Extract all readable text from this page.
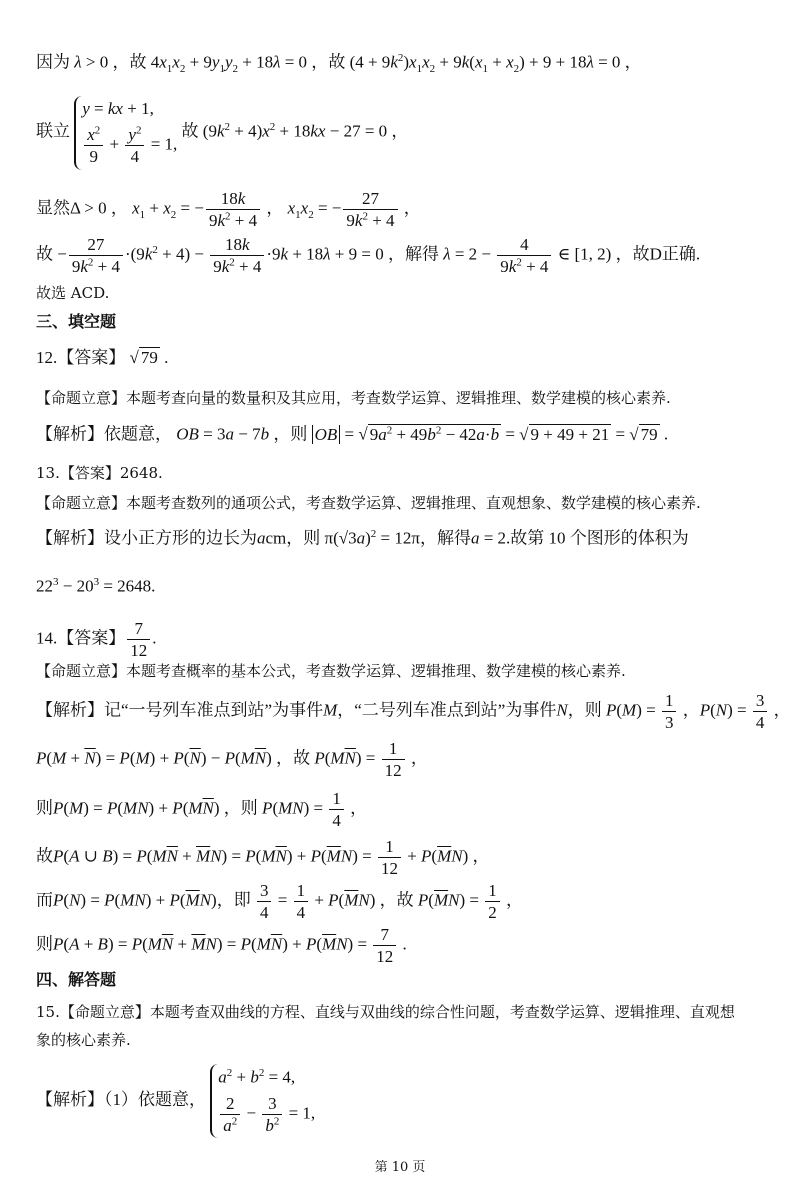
因为 λ > 0 ，故 $4x_1x_2 + 9y_1y_2 + 18\lambda = 0$ ，故 $(4 + 9k^2)x_1x_2 + 9k(x_1 + x_2) + 9 + 18\lambda = 0$ ，
联立
y = kx + 1,
$\frac{x^2}{9} + \frac{y^2}{4} = 1$,
故 $(9k^2 + 4)x^2 + 18kx - 27 = 0$ ，
显然Δ > 0 ， $x_1 + x_2$ = − $\frac{18k}{9k^2 + 4}$ ， $x_1x_2$ = − $\frac{27}{9k^2 + 4}$ ，
故 − $\frac{27}{9k^2 + 4} \cdot(9k^2 + 4) - \frac{18k}{9k^2 + 4} \cdot 9k + 18\lambda + 9 = 0$ ，解得 $\lambda = 2 - \frac{4}{9k^2 + 4}$ ∈ [1, 2) ，故D正确.
故选 ACD.
三、填空题
12.【答案】 √ 79 .
【命题立意】本题考查向量的数量积及其应用，考查数学运算、逻辑推理、数学建模的核心素养.
【解析】依题意， OB = 3a − 7b ，则 OB = √ $9a^2 + 49b^2 - 42a\cdot b$ = √ 9 + 49 + 21 = √ 79 .
13.【答案】2648.
【命题立意】本题考查数列的通项公式，考查数学运算、逻辑推理、直观想象、数学建模的核心素养.
【解析】设小正方形的边长为acm，则 $\pi(√3a)^2 = 12\pi$，解得a = 2.故第 10 个图形的体积为
$22^3 - 20^3 = 2648$.
14.【答案】 $\frac{7}{12}$ .
【命题立意】本题考查概率的基本公式，考查数学运算、逻辑推理、数学建模的核心素养.
【解析】记“一号列车准点到站”为事件M，“二号列车准点到站”为事件N，则 $P(M) = \frac{1}{3}$ ，$P(N) = \frac{3}{4}$ ，
$P(M + \overline{N}) = P(M) + P(\overline{N}) - P(M\overline{N})$ ，故 $P(M\overline{N}) = \frac{1}{12}$ ，
则$P(M) = P(MN) + P(M\overline{N})$ ，则 $P(MN) = \frac{1}{4}$ ，
故P(A ∪ $B) = P(M\overline{N} + \overline{M}N) = P(M\overline{N}) + P(\overline{M}N) = \frac{1}{12} + P(\overline{M}N)$ ，
而$P(N) = P(MN) + P(\overline{M}N)$，即 $\frac{3}{4} = \frac{1}{4} + P(\overline{M}N)$ ，故 $P(\overline{M}N) = \frac{1}{2}$ ，
则$P(A + B) = P(M\overline{N} + \overline{M}N) = P(M\overline{N}) + P(\overline{M}N) = \frac{7}{12}$ .
四、解答题
15.【命题立意】本题考查双曲线的方程、直线与双曲线的综合性问题，考查数学运算、逻辑推理、直观想
象的核心素养.
【解析】（1）依题意，
$a^2 + b^2 = 4$,
$\frac{2}{a^2} - \frac{3}{b^2} = 1$,
第 10 页
